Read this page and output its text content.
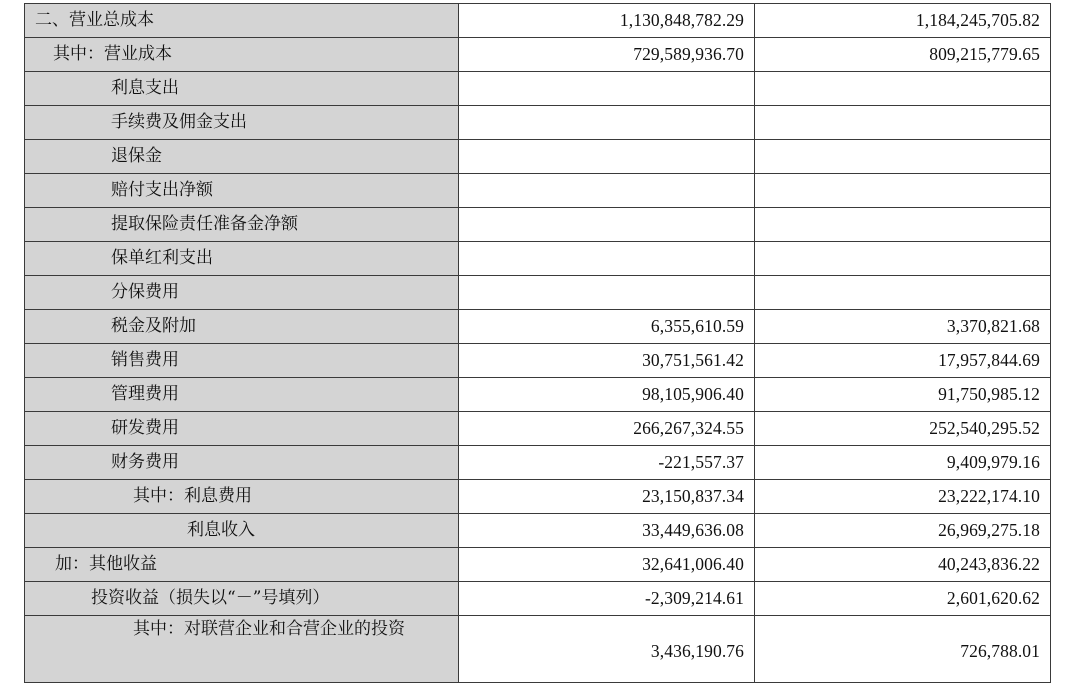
二、营业总成本	1,130,848,782.29	1,184,245,705.82
其中：营业成本	729,589,936.70	809,215,779.65
利息支出		
手续费及佣金支出		
退保金		
赔付支出净额		
提取保险责任准备金净额		
保单红利支出		
分保费用		
税金及附加	6,355,610.59	3,370,821.68
销售费用	30,751,561.42	17,957,844.69
管理费用	98,105,906.40	91,750,985.12
研发费用	266,267,324.55	252,540,295.52
财务费用	-221,557.37	9,409,979.16
其中：利息费用	23,150,837.34	23,222,174.10
利息收入	33,449,636.08	26,969,275.18
加：其他收益	32,641,006.40	40,243,836.22
投资收益（损失以“－”号填列）	-2,309,214.61	2,601,620.62
其中：对联营企业和合营企业的投资	3,436,190.76	726,788.01
